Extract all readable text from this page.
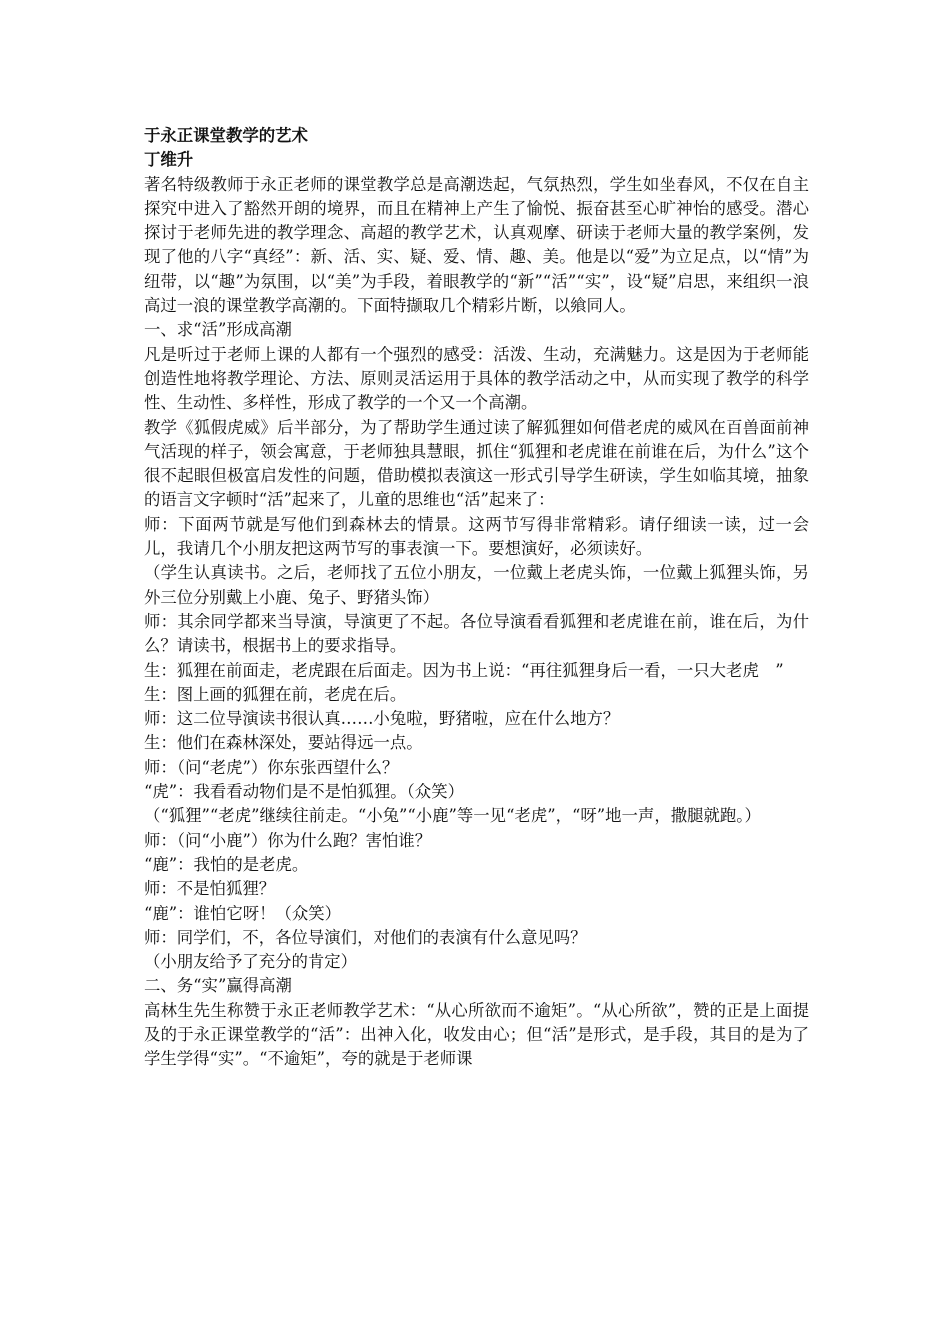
于永正课堂教学的艺术
丁维升

著名特级教师于永正老师的课堂教学总是高潮迭起，气氛热烈，学生如坐春风，不仅在自主探究中进入了豁然开朗的境界，而且在精神上产生了愉悦、振奋甚至心旷神怡的感受。潜心探讨于老师先进的教学理念、高超的教学艺术，认真观摩、研读于老师大量的教学案例，发现了他的八字“真经”：新、活、实、疑、爱、情、趣、美。他是以“爱”为立足点，以“情”为纽带，以“趣”为氛围，以“美”为手段，着眼教学的“新”“活”“实”，设“疑”启思，来组织一浪高过一浪的课堂教学高潮的。下面特撷取几个精彩片断，以飨同人。

一、求“活”形成高潮

凡是听过于老师上课的人都有一个强烈的感受：活泼、生动，充满魅力。这是因为于老师能创造性地将教学理论、方法、原则灵活运用于具体的教学活动之中，从而实现了教学的科学性、生动性、多样性，形成了教学的一个又一个高潮。

教学《狐假虎威》后半部分，为了帮助学生通过读了解狐狸如何借老虎的威风在百兽面前神气活现的样子，领会寓意，于老师独具慧眼，抓住“狐狸和老虎谁在前谁在后，为什么”这个很不起眼但极富启发性的问题，借助模拟表演这一形式引导学生研读，学生如临其境，抽象的语言文字顿时“活”起来了，儿童的思维也“活”起来了：

师：下面两节就是写他们到森林去的情景。这两节写得非常精彩。请仔细读一读，过一会儿，我请几个小朋友把这两节写的事表演一下。要想演好，必须读好。

（学生认真读书。之后，老师找了五位小朋友，一位戴上老虎头饰，一位戴上狐狸头饰，另外三位分别戴上小鹿、兔子、野猪头饰）

师：其余同学都来当导演，导演更了不起。各位导演看看狐狸和老虎谁在前，谁在后，为什么？请读书，根据书上的要求指导。

生：狐狸在前面走，老虎跟在后面走。因为书上说：“再往狐狸身后一看，一只大老虎　”

生：图上画的狐狸在前，老虎在后。

师：这二位导演读书很认真……小兔啦，野猪啦，应在什么地方？

生：他们在森林深处，要站得远一点。

师：（问“老虎”）你东张西望什么？

“虎”：我看看动物们是不是怕狐狸。（众笑）

（“狐狸”“老虎”继续往前走。“小兔”“小鹿”等一见“老虎”，“呀”地一声，撒腿就跑。）

师：（问“小鹿”）你为什么跑？害怕谁？

“鹿”：我怕的是老虎。

师：不是怕狐狸？

“鹿”：谁怕它呀！（众笑）

师：同学们，不，各位导演们，对他们的表演有什么意见吗？

（小朋友给予了充分的肯定）

二、务“实”赢得高潮

高林生先生称赞于永正老师教学艺术：“从心所欲而不逾矩”。“从心所欲”，赞的正是上面提及的于永正课堂教学的“活”：出神入化，收发由心；但“活”是形式，是手段，其目的是为了学生学得“实”。“不逾矩”，夸的就是于老师课
